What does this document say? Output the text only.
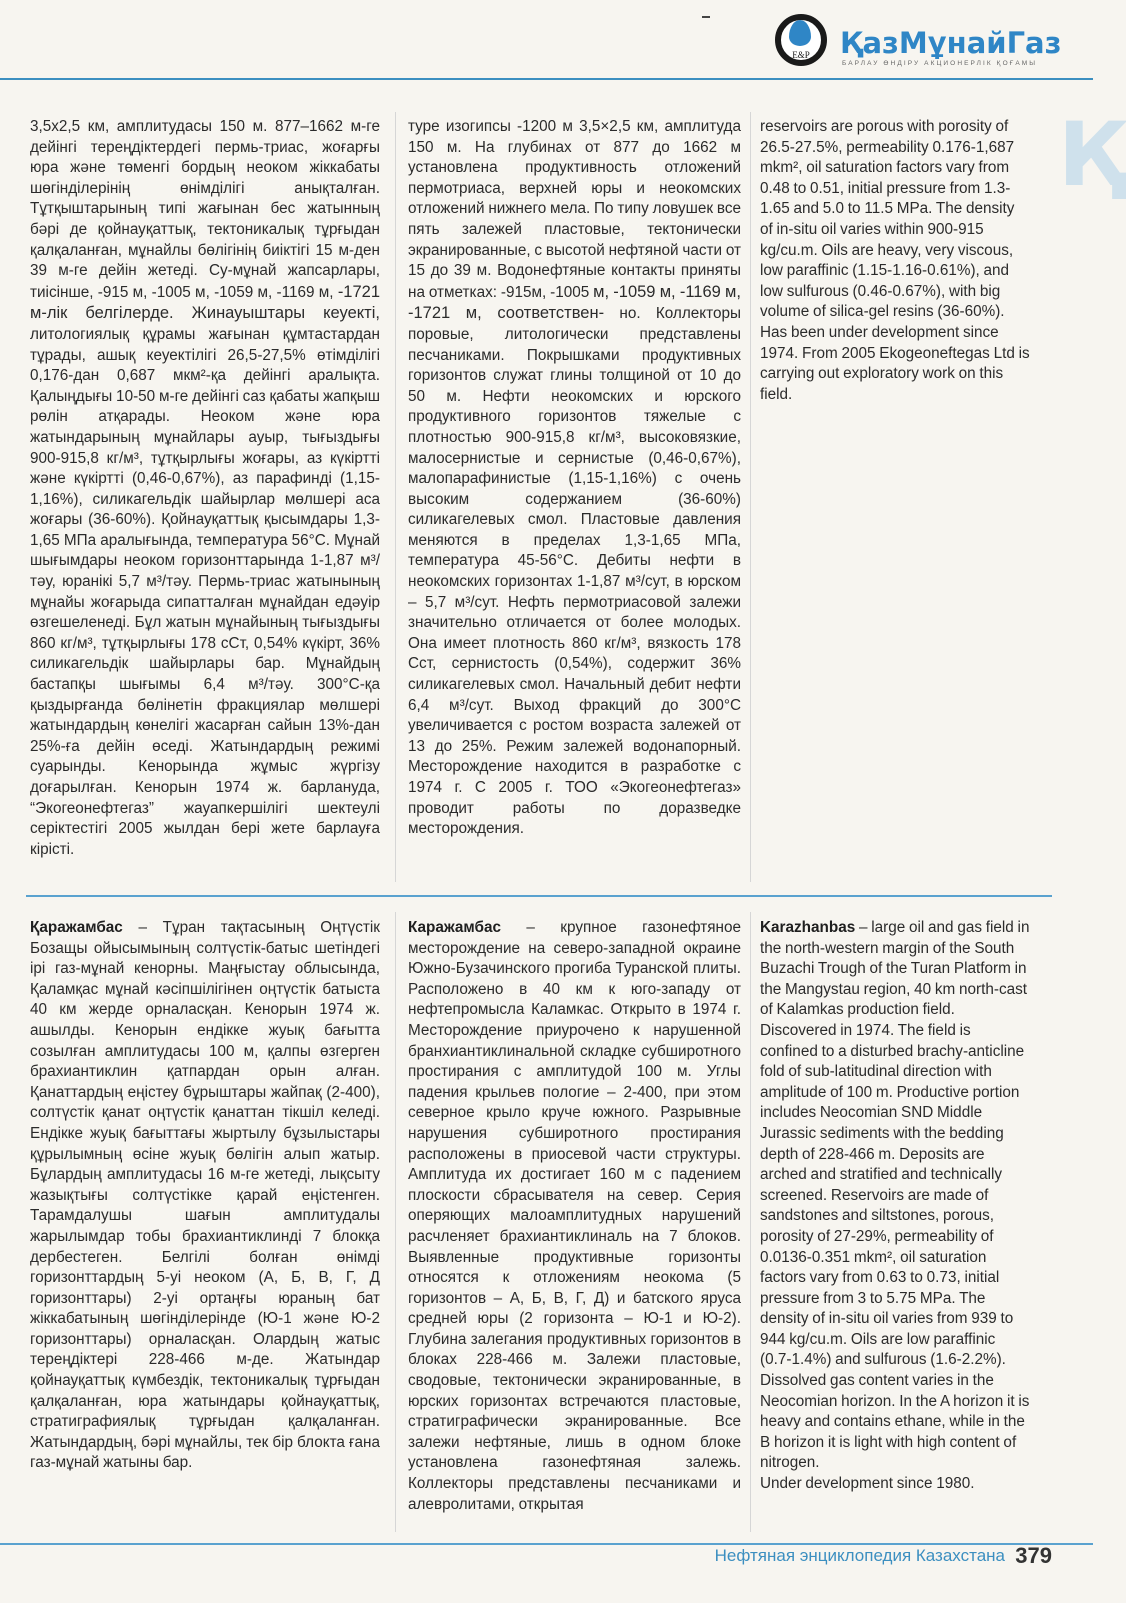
E&P	ҚазМұнайГаз
БАРЛАУ ӨНДІРУ АКЦИОНЕРЛІК ҚОҒАМЫ
Қ

3,5x2,5 км, амплитудасы 150 м. 877–1662 м-ге дейінгі тереңдіктердегі пермь-триас, жоғарғы юра және төменгі бордың неоком жіккабаты шөгінділерінің өнімділігі анықталған. Тұтқыштарының типі жағынан бес жатынның бәрі де қойнауқаттық, тектоникалық тұрғыдан қалқаланған, мұнайлы бөлігінің биіктігі 15 м-ден 39 м-ге дейін жетеді. Су-мұнай жапсарлары, тиісінше, -915 м, -1005 м, -1059 м, -1169 м, -1721 м-лік белгілерде. Жинауыштары кеуекті, литологиялық құрамы жағынан құмтастардан тұрады, ашық кеуектілігі 26,5-27,5% өтімділігі 0,176-дан 0,687 мкм²-қа дейінгі аралықта. Қалыңдығы 10-50 м-ге дейінгі саз қабаты жапқыш рөлін атқарады. Неоком және юра жатындарының мұнайлары ауыр, тығыздығы 900-915,8 кг/м³, тұтқырлығы жоғары, аз күкіртті және күкіртті (0,46-0,67%), аз парафинді (1,15-1,16%), силикагельдік шайырлар мөлшері аса жоғары (36-60%). Қойнауқаттық қысымдары 1,3-1,65 МПа аралығында, температура 56°С. Мұнай шығымдары неоком горизонттарында 1-1,87 м³/тәу, юранікі 5,7 м³/тәу. Пермь-триас жатынының мұнайы жоғарыда сипатталған мұнайдан едәуір өзгешеленеді. Бұл жатын мұнайының тығыздығы 860 кг/м³, тұтқырлығы 178 сСт, 0,54% күкірт, 36% силикагельдік шайырлары бар. Мұнайдың бастапқы шығымы 6,4 м³/тәу. 300°С-қа қыздырғанда бөлінетін фракциялар мөлшері жатындардың көнелігі жасарған сайын 13%-дан 25%-ға дейін өседі. Жатындардың режимі суарынды. Кенорында жұмыс жүргізу доғарылған. Кенорын 1974 ж. барлануда, “Экогеонефтегаз” жауапкершілігі шектеулі серіктестігі 2005 жылдан бері жете барлауға кірісті.

туре изогипсы -1200 м 3,5×2,5 км, амплитуда 150 м. На глубинах от 877 до 1662 м установлена продуктивность отложений пермотриаса, верхней юры и неокомских отложений нижнего мела. По типу ловушек все пять залежей пластовые, тектонически экранированные, с высотой нефтяной части от 15 до 39 м. Водонефтяные контакты приняты на отметках: -915м, -1005 м, -1059 м, -1169 м, -1721 м, соответствен- но. Коллекторы поровые, литологически представлены песчаниками. Покрышками продуктивных горизонтов служат глины толщиной от 10 до 50 м. Нефти неокомских и юрского продуктивного горизонтов тяжелые с плотностью 900-915,8 кг/м³, высоковязкие, малосернистые и сернистые (0,46-0,67%), малопарафинистые (1,15-1,16%) с очень высоким содержанием (36-60%) силикагелевых смол. Пластовые давления меняются в пределах 1,3-1,65 МПа, температура 45-56°С. Дебиты нефти в неокомских горизонтах 1-1,87 м³/сут, в юрском – 5,7 м³/сут. Нефть пермотриасовой залежи значительно отличается от более молодых. Она имеет плотность 860 кг/м³, вязкость 178 Сст, сернистость (0,54%), содержит 36% силикагелевых смол. Начальный дебит нефти 6,4 м³/сут. Выход фракций до 300°С увеличивается с ростом возраста залежей от 13 до 25%. Режим залежей водонапорный. Месторождение находится в разработке с 1974 г. С 2005 г. ТОО «Экогеонефтегаз» проводит работы по доразведке месторождения.

reservoirs are porous with porosity of 26.5-27.5%, permeability 0.176-1,687 mkm², oil saturation factors vary from 0.48 to 0.51, initial pressure from 1.3-1.65 and 5.0 to 11.5 MPa. The density of in-situ oil varies within 900-915 kg/cu.m. Oils are heavy, very viscous, low paraffinic (1.15-1.16-0.61%), and low sulfurous (0.46-0.67%), with big volume of silica-gel resins (36-60%). Has been under development since 1974. From 2005 Ekogeoneftegas Ltd is carrying out exploratory work on this field.

Қаражамбас – Тұран тақтасының Оңтүстік Бозащы ойысымының солтүстік-батыс шетіндегі ірі газ-мұнай кенорны. Маңғыстау облысында, Қаламқас мұнай кәсіпшілігінен оңтүстік батыста 40 км жерде орналасқан. Кенорын 1974 ж. ашылды. Кенорын ендікке жуық бағытта созылған амплитудасы 100 м, қалпы өзгерген брахиантиклин қатпардан орын алған. Қанаттардың еңістеу бұрыштары жайпақ (2-400), солтүстік қанат оңтүстік қанаттан тікшіл келеді. Ендікке жуық бағыттағы жыртылу бұзылыстары құрылымның өсіне жуық бөлігін алып жатыр. Бұлардың амплитудасы 16 м-ге жетеді, лықсыту жазықтығы солтүстікке қарай еңістенген. Тарамдалушы шағын амплитудалы жарылымдар тобы брахиантиклинді 7 блокқа дербестеген. Белгілі болған өнімді горизонттардың 5-уі неоком (А, Б, В, Г, Д горизонттары) 2-уі ортаңғы юраның бат жіккабатының шөгінділерінде (Ю-1 және Ю-2 горизонттары) орналасқан. Олардың жатыс тереңдіктері 228-466 м-де. Жатындар қойнауқаттық күмбездік, тектоникалық тұрғыдан қалқаланған, юра жатындары қойнауқаттық, стратиграфиялық тұрғыдан қалқаланған. Жатындардың, бәрі мұнайлы, тек бір блокта ғана газ-мұнай жатыны бар.

Каражамбас – крупное газонефтяное месторождение на северо-западной окраине Южно-Бузачинского прогиба Туранской плиты. Расположено в 40 км к юго-западу от нефтепромысла Каламкас. Открыто в 1974 г. Месторождение приурочено к нарушенной бранхиантиклинальной складке субширотного простирания с амплитудой 100 м. Углы падения крыльев пологие – 2-400, при этом северное крыло круче южного. Разрывные нарушения субширотного простирания расположены в приосевой части структуры. Амплитуда их достигает 160 м с падением плоскости сбрасывателя на север. Серия оперяющих малоамплитудных нарушений расчленяет брахиантиклиналь на 7 блоков. Выявленные продуктивные горизонты относятся к отложениям неокома (5 горизонтов – А, Б, В, Г, Д) и батского яруса средней юры (2 горизонта – Ю-1 и Ю-2). Глубина залегания продуктивных горизонтов в блоках 228-466 м. Залежи пластовые, сводовые, тектонически экранированные, в юрских горизонтах встречаются пластовые, стратиграфически экранированные. Все залежи нефтяные, лишь в одном блоке установлена газонефтяная залежь. Коллекторы представлены песчаниками и алевролитами, открытая

Karazhanbas – large oil and gas field in the north-western margin of the South Buzachi Trough of the Turan Platform in the Mangystau region, 40 km north-cast of Kalamkas production field. Discovered in 1974. The field is confined to a disturbed brachy-anticline fold of sub-latitudinal direction with amplitude of 100 m. Productive portion includes Neocomian SND Middle Jurassic sediments with the bedding depth of 228-466 m. Deposits are arched and stratified and technically screened. Reservoirs are made of sandstones and siltstones, porous, porosity of 27-29%, permeability of 0.0136-0.351 mkm², oil saturation factors vary from 0.63 to 0.73, initial pressure from 3 to 5.75 MPa. The density of in-situ oil varies from 939 to 944 kg/cu.m. Oils are low paraffinic (0.7-1.4%) and sulfurous (1.6-2.2%). Dissolved gas content varies in the Neocomian horizon. In the A horizon it is heavy and contains ethane, while in the B horizon it is light with high content of nitrogen.

Under development since 1980.

Нефтяная энциклопедия Казахстана 379
